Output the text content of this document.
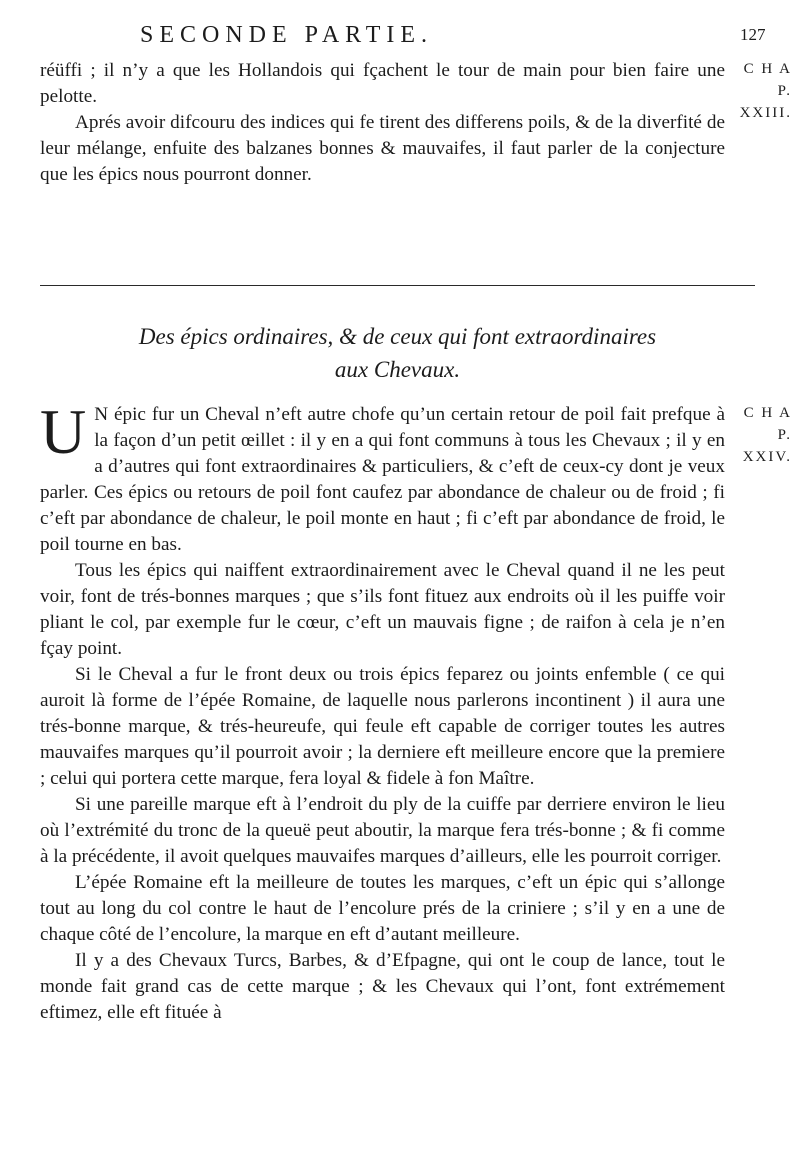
SECONDE PARTIE.	127
C H A P.
XXIII.

réüffi ; il n’y a que les Hollandois qui fçachent le tour de main pour bien faire une pelotte.

Aprés avoir difcouru des indices qui fe tirent des differens poils, & de la diverfité de leur mélange, enfuite des balzanes bonnes & mauvaifes, il faut parler de la conjecture que les épics nous pourront donner.

Des épics ordinaires, & de ceux qui font extraordinaires
aux Chevaux.
C H A P.
XXIV.

U N épic fur un Cheval n’eft autre chofe qu’un certain retour de poil fait prefque à la façon d’un petit œillet : il y en a qui font communs à tous les Chevaux ; il y en a d’autres qui font extraordinaires & particuliers, & c’eft de ceux-cy dont je veux parler. Ces épics ou retours de poil font caufez par abondance de chaleur ou de froid ; fi c’eft par abondance de chaleur, le poil monte en haut ; fi c’eft par abondance de froid, le poil tourne en bas.

Tous les épics qui naiffent extraordinairement avec le Cheval quand il ne les peut voir, font de trés-bonnes marques ; que s’ils font fituez aux endroits où il les puiffe voir pliant le col, par exemple fur le cœur, c’eft un mauvais figne ; de raifon à cela je n’en fçay point.

Si le Cheval a fur le front deux ou trois épics feparez ou joints enfemble ( ce qui auroit là forme de l’épée Romaine, de laquelle nous parlerons incontinent ) il aura une trés-bonne marque, & trés-heureufe, qui feule eft capable de corriger toutes les autres mauvaifes marques qu’il pourroit avoir ; la derniere eft meilleure encore que la premiere ; celui qui portera cette marque, fera loyal & fidele à fon Maître.

Si une pareille marque eft à l’endroit du ply de la cuiffe par derriere environ le lieu où l’extrémité du tronc de la queuë peut aboutir, la marque fera trés-bonne ; & fi comme à la précédente, il avoit quelques mauvaifes marques d’ailleurs, elle les pourroit corriger.

L’épée Romaine eft la meilleure de toutes les marques, c’eft un épic qui s’allonge tout au long du col contre le haut de l’encolure prés de la criniere ; s’il y en a une de chaque côté de l’encolure, la marque en eft d’autant meilleure.

Il y a des Chevaux Turcs, Barbes, & d’Efpagne, qui ont le coup de lance, tout le monde fait grand cas de cette marque ; & les Chevaux qui l’ont, font extrémement eftimez, elle eft fituée à
